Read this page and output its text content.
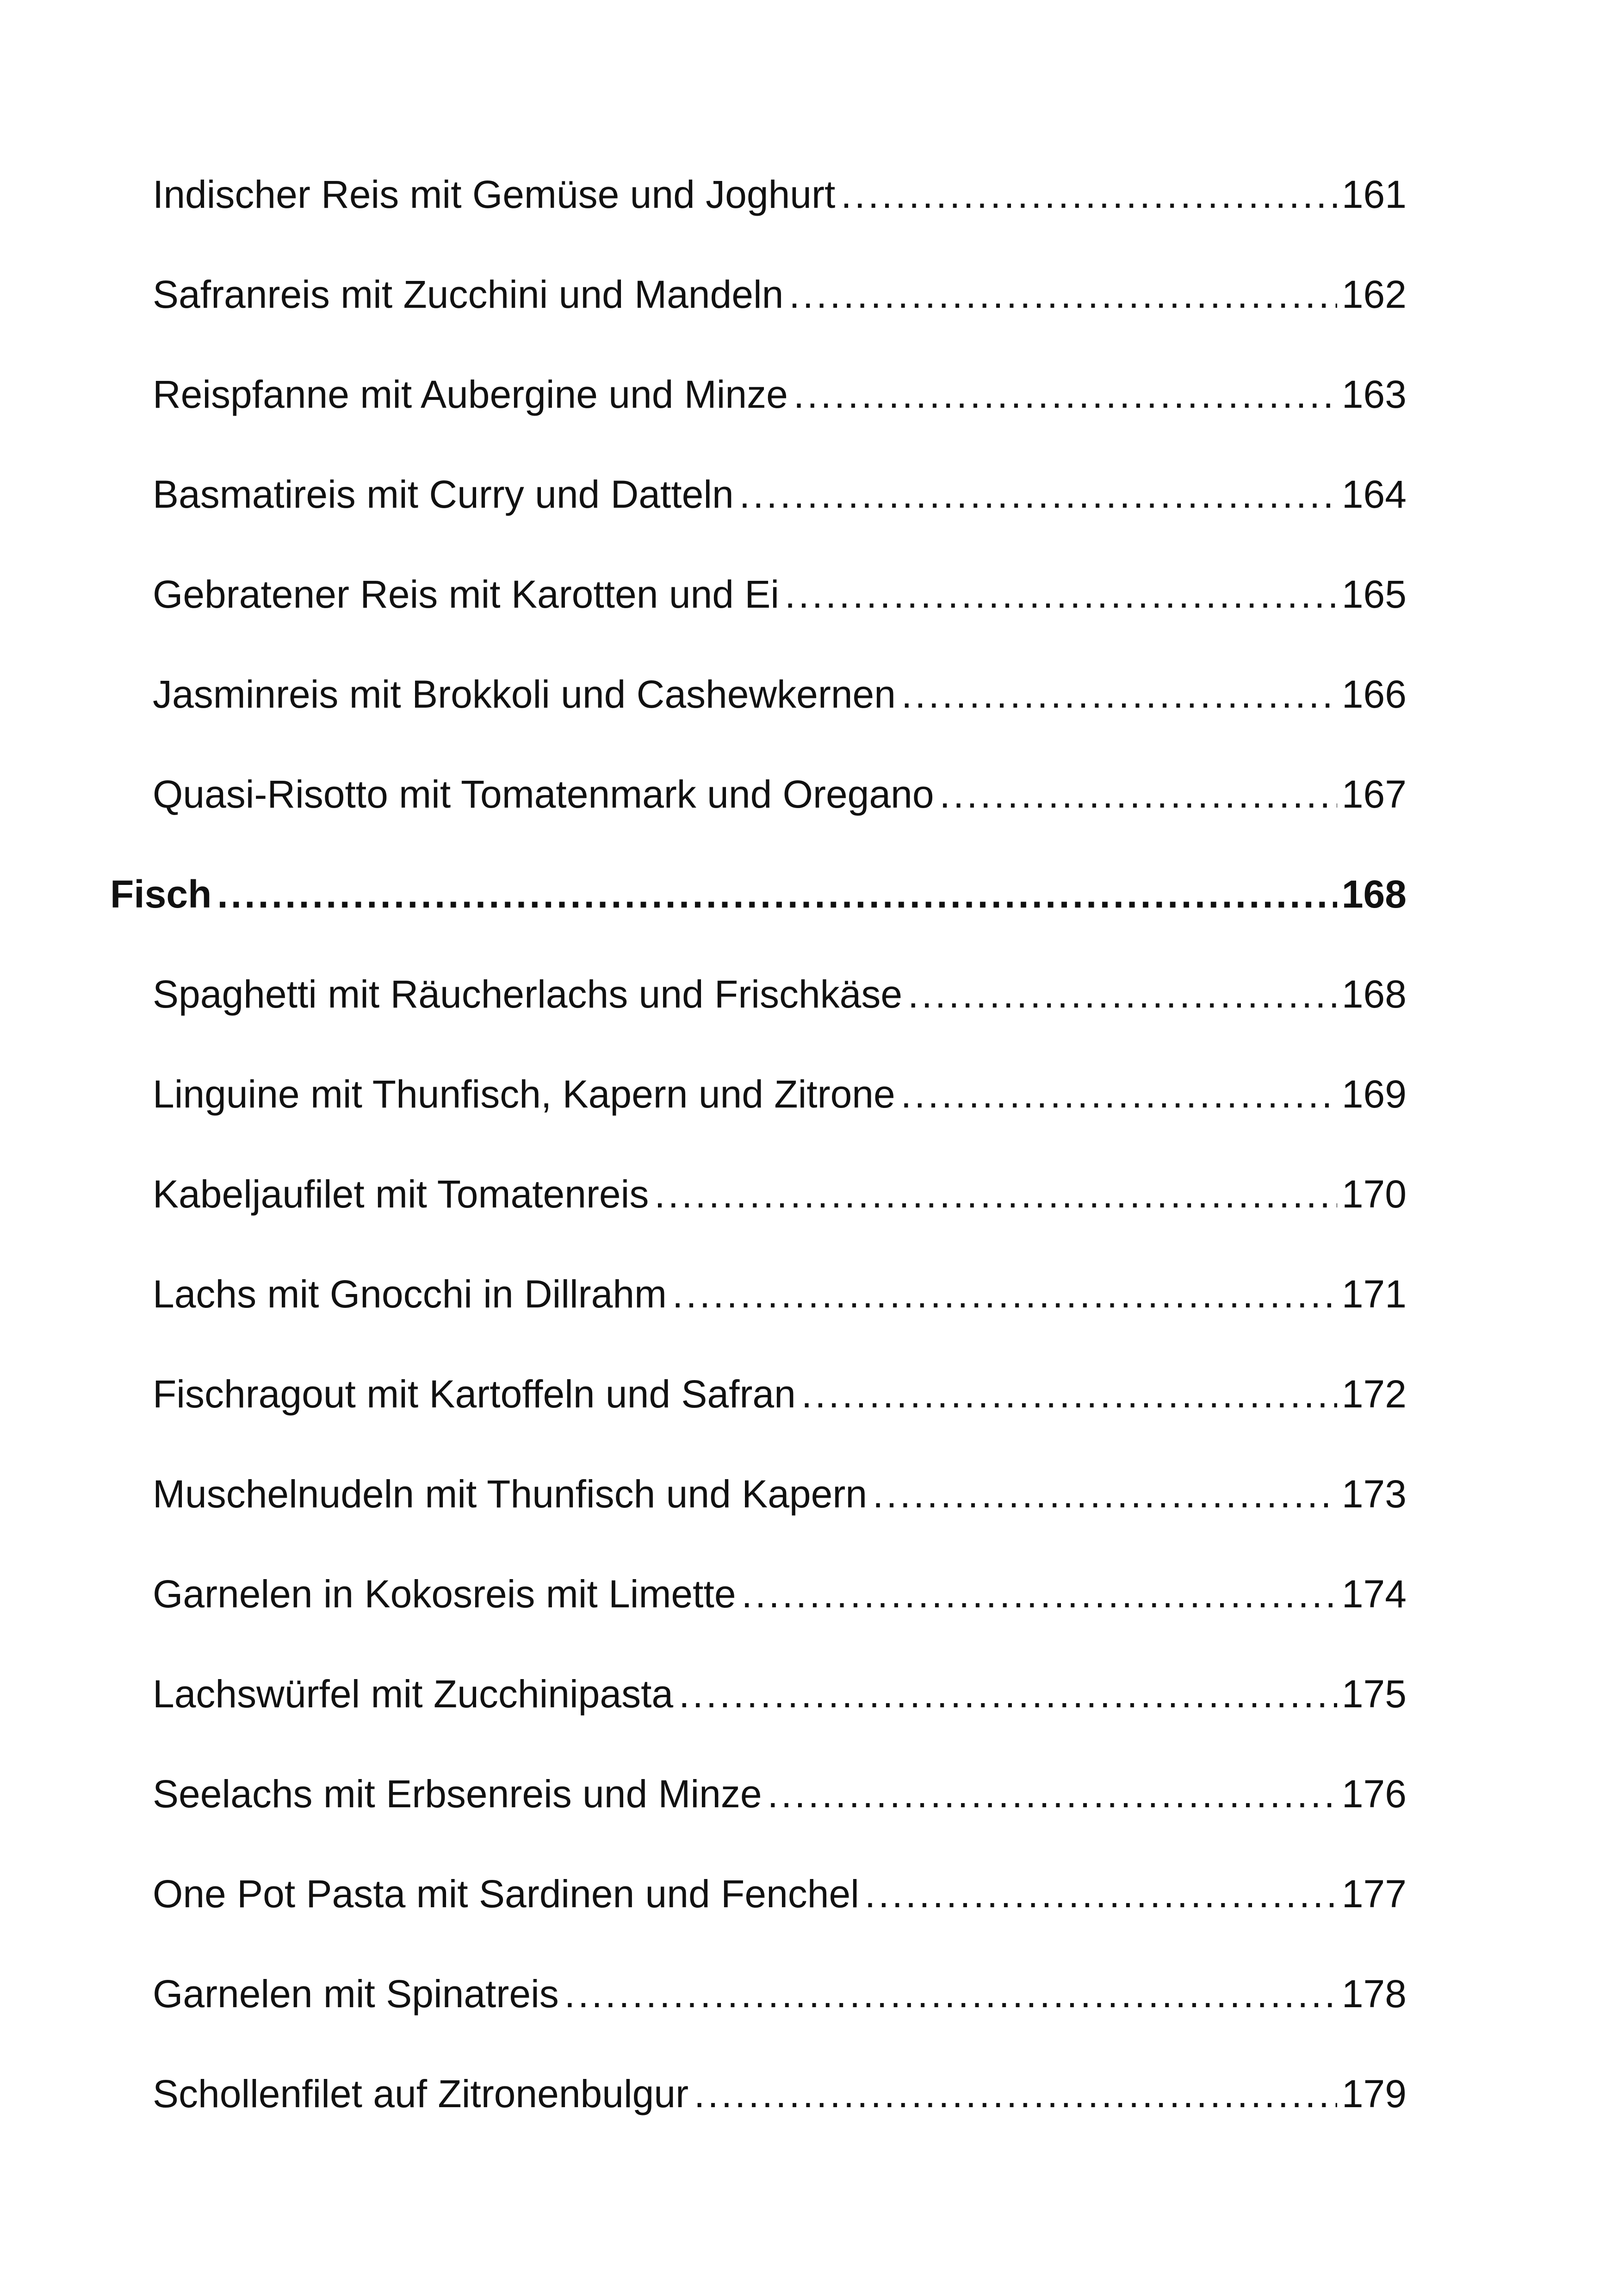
Indischer Reis mit Gemüse und Joghurt .....	161
Safranreis mit Zucchini und Mandeln .....	162
Reispfanne mit Aubergine und Minze .....	163
Basmatireis mit Curry und Datteln .....	164
Gebratener Reis mit Karotten und Ei .....	165
Jasminreis mit Brokkoli und Cashewkernen .....	166
Quasi-Risotto mit Tomatenmark und Oregano .....	167
Fisch .....	168
Spaghetti mit Räucherlachs und Frischkäse .....	168
Linguine mit Thunfisch, Kapern und Zitrone .....	169
Kabeljaufilet mit Tomatenreis .....	170
Lachs mit Gnocchi in Dillrahm .....	171
Fischragout mit Kartoffeln und Safran .....	172
Muschelnudeln mit Thunfisch und Kapern .....	173
Garnelen in Kokosreis mit Limette .....	174
Lachswürfel mit Zucchinipasta .....	175
Seelachs mit Erbsenreis und Minze .....	176
One Pot Pasta mit Sardinen und Fenchel .....	177
Garnelen mit Spinatreis .....	178
Schollenfilet auf Zitronenbulgur .....	179
